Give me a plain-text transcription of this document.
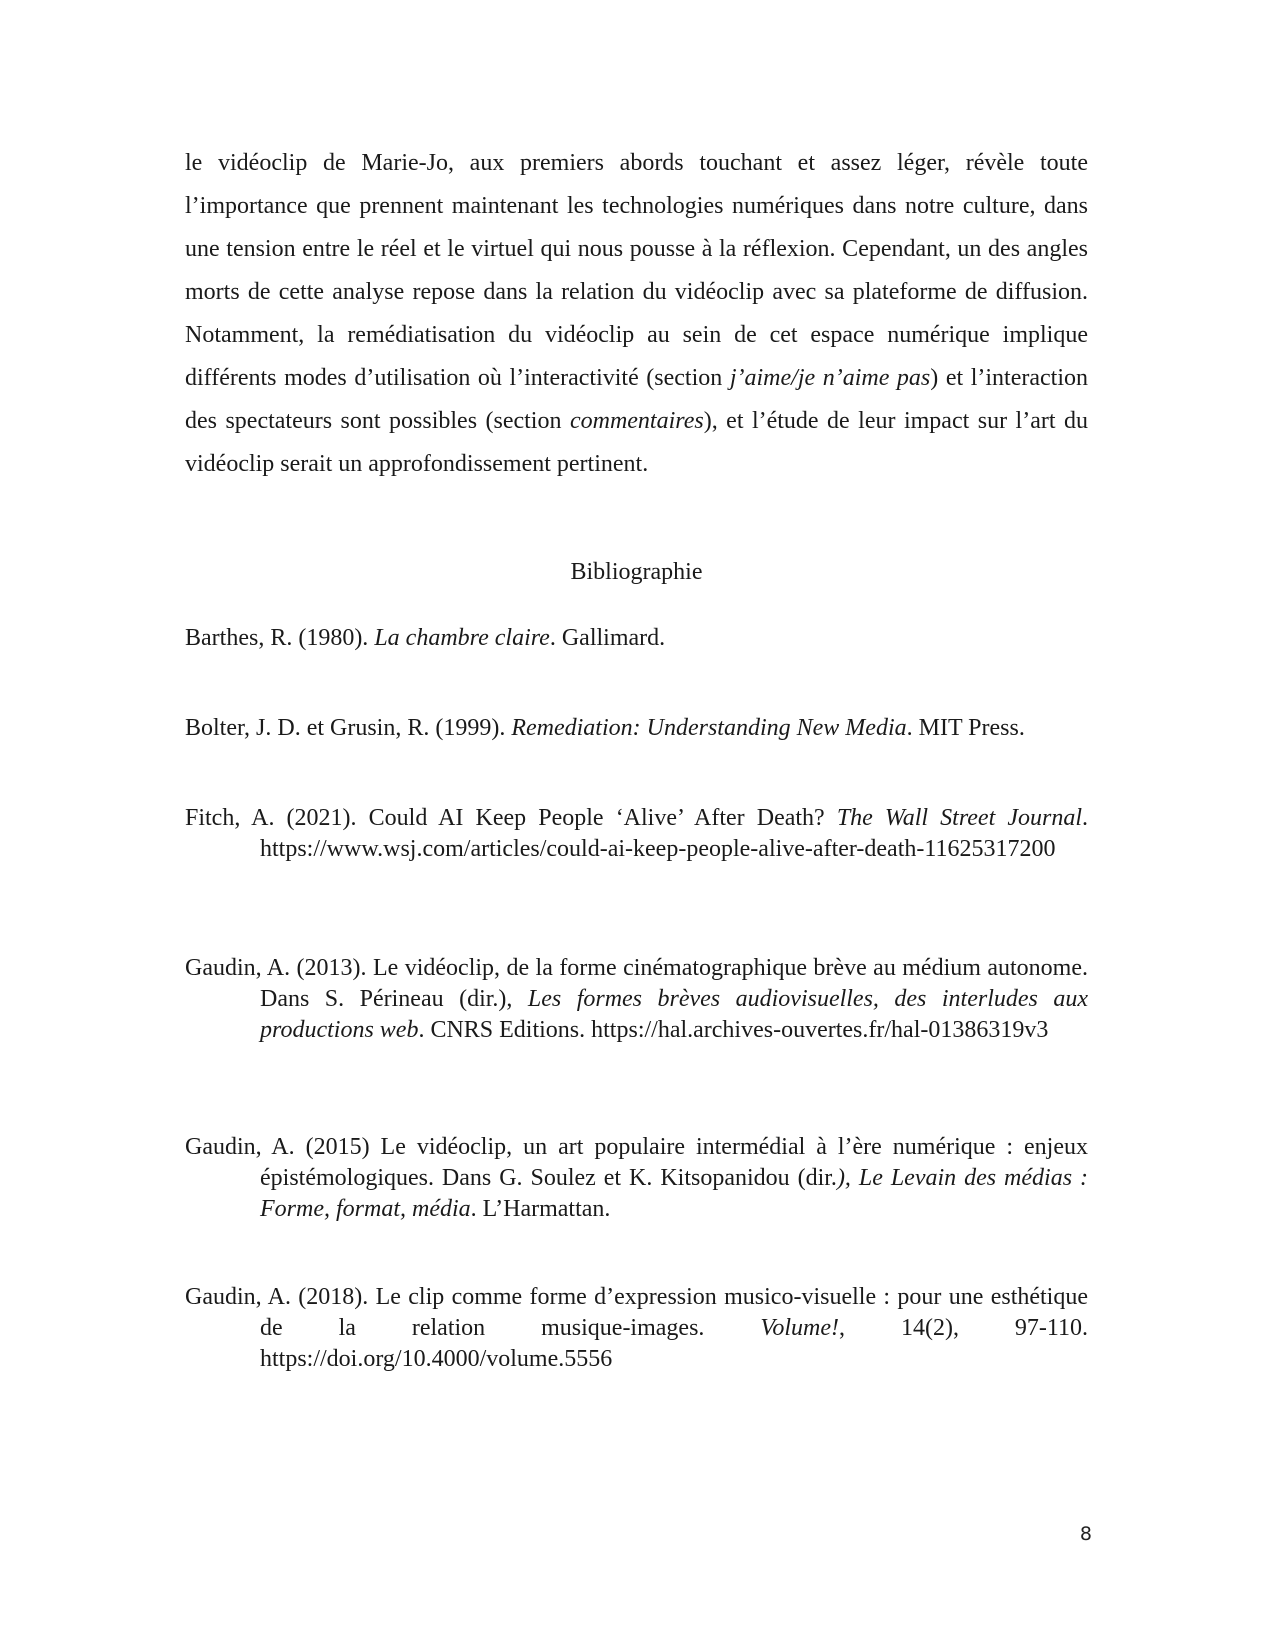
le vidéoclip de Marie-Jo, aux premiers abords touchant et assez léger, révèle toute l’importance que prennent maintenant les technologies numériques dans notre culture, dans une tension entre le réel et le virtuel qui nous pousse à la réflexion. Cependant, un des angles morts de cette analyse repose dans la relation du vidéoclip avec sa plateforme de diffusion. Notamment, la remédiatisation du vidéoclip au sein de cet espace numérique implique différents modes d’utilisation où l’interactivité (section j’aime/je n’aime pas) et l’interaction des spectateurs sont possibles (section commentaires), et l’étude de leur impact sur l’art du vidéoclip serait un approfondissement pertinent.

Bibliographie
Barthes, R. (1980). La chambre claire. Gallimard.
Bolter, J. D. et Grusin, R. (1999). Remediation: Understanding New Media. MIT Press.
Fitch, A. (2021). Could AI Keep People ‘Alive’ After Death? The Wall Street Journal. https://www.wsj.com/articles/could-ai-keep-people-alive-after-death-11625317200
Gaudin, A. (2013). Le vidéoclip, de la forme cinématographique brève au médium autonome. Dans S. Périneau (dir.), Les formes brèves audiovisuelles, des interludes aux productions web. CNRS Editions. https://hal.archives-ouvertes.fr/hal-01386319v3
Gaudin, A. (2015) Le vidéoclip, un art populaire intermédial à l’ère numérique : enjeux épistémologiques. Dans G. Soulez et K. Kitsopanidou (dir.), Le Levain des médias : Forme, format, média. L’Harmattan.
Gaudin, A. (2018). Le clip comme forme d’expression musico-visuelle : pour une esthétique de la relation musique-images. Volume!, 14(2), 97-110. https://doi.org/10.4000/volume.5556
8
